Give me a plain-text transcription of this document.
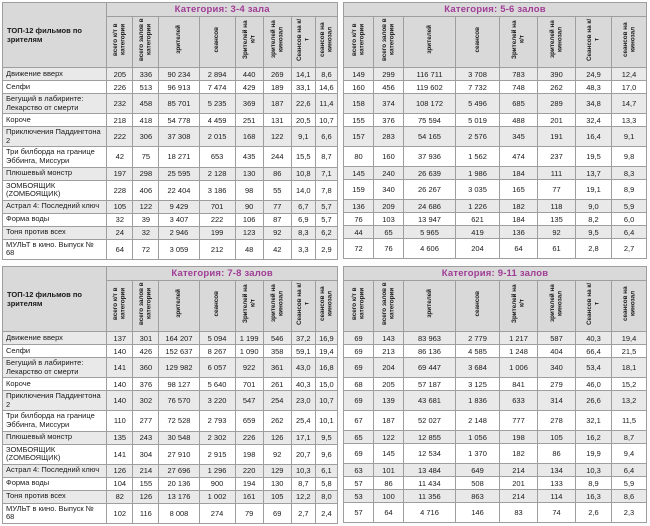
ТОП-12 фильмов по зрителям	Категория: 3-4 зала							
	всего к/т в категории	всего залов в категории	зрителей	сеансов	Зрителей на к/т	зрителей на кинозал	Сеансов на к/т	сеансов на кинозал
Движение вверх	205	336	90 234	2 894	440	269	14,1	8,6
Селфи	226	513	96 913	7 474	429	189	33,1	14,6
Бегущий в лабиринте: Лекарство от смерти	232	458	85 701	5 235	369	187	22,6	11,4
Короче	218	418	54 778	4 459	251	131	20,5	10,7
Приключения Паддингтона 2	222	306	37 308	2 015	168	122	9,1	6,6
Три билборда на границе Эббинга, Миссури	42	75	18 271	653	435	244	15,5	8,7
Плюшевый монстр	197	298	25 595	2 128	130	86	10,8	7,1
ЗОМБОЯЩИК (ZОМБОЯЩИК)	228	406	22 404	3 186	98	55	14,0	7,8
Астрал 4: Последний ключ	105	122	9 429	701	90	77	6,7	5,7
Форма воды	32	39	3 407	222	106	87	6,9	5,7
Тоня против всех	24	32	2 946	199	123	92	8,3	6,2
МУЛЬТ в кино. Выпуск № 68	64	72	3 059	212	48	42	3,3	2,9
Категория: 5-6 залов							
всего к/т в категории	всего залов в категории	зрителей	сеансов	Зрителей на к/т	зрителей на кинозал	Сеансов на к/т	сеансов на кинозал
149	299	116 711	3 708	783	390	24,9	12,4
160	456	119 602	7 732	748	262	48,3	17,0
158	374	108 172	5 496	685	289	34,8	14,7
155	376	75 594	5 019	488	201	32,4	13,3
157	283	54 165	2 576	345	191	16,4	9,1
80	160	37 936	1 562	474	237	19,5	9,8
145	240	26 639	1 986	184	111	13,7	8,3
159	340	26 267	3 035	165	77	19,1	8,9
136	209	24 686	1 226	182	118	9,0	5,9
76	103	13 947	621	184	135	8,2	6,0
44	65	5 965	419	136	92	9,5	6,4
72	76	4 606	204	64	61	2,8	2,7
ТОП-12 фильмов по зрителям	Категория: 7-8 залов							
	всего к/т в категории	всего залов в категории	зрителей	сеансов	Зрителей на к/т	зрителей на кинозал	Сеансов на к/т	сеансов на кинозал
Движение вверх	137	301	164 207	5 094	1 199	546	37,2	16,9
Селфи	140	426	152 637	8 267	1 090	358	59,1	19,4
Бегущий в лабиринте: Лекарство от смерти	141	360	129 982	6 057	922	361	43,0	16,8
Короче	140	376	98 127	5 640	701	261	40,3	15,0
Приключения Паддингтона 2	140	302	76 570	3 220	547	254	23,0	10,7
Три билборда на границе Эббинга, Миссури	110	277	72 528	2 793	659	262	25,4	10,1
Плюшевый монстр	135	243	30 548	2 302	226	126	17,1	9,5
ЗОМБОЯЩИК (ZОМБОЯЩИК)	141	304	27 910	2 915	198	92	20,7	9,6
Астрал 4: Последний ключ	126	214	27 696	1 296	220	129	10,3	6,1
Форма воды	104	155	20 136	900	194	130	8,7	5,8
Тоня против всех	82	126	13 176	1 002	161	105	12,2	8,0
МУЛЬТ в кино. Выпуск № 68	102	116	8 008	274	79	69	2,7	2,4
Категория: 9-11 залов							
всего к/т в категории	всего залов в категории	зрителей	сеансов	Зрителей на к/т	зрителей на кинозал	Сеансов на к/т	сеансов на кинозал
69	143	83 963	2 779	1 217	587	40,3	19,4
69	213	86 136	4 585	1 248	404	66,4	21,5
69	204	69 447	3 684	1 006	340	53,4	18,1
68	205	57 187	3 125	841	279	46,0	15,2
69	139	43 681	1 836	633	314	26,6	13,2
67	187	52 027	2 148	777	278	32,1	11,5
65	122	12 855	1 056	198	105	16,2	8,7
69	145	12 534	1 370	182	86	19,9	9,4
63	101	13 484	649	214	134	10,3	6,4
57	86	11 434	508	201	133	8,9	5,9
53	100	11 356	863	214	114	16,3	8,6
57	64	4 716	146	83	74	2,6	2,3
